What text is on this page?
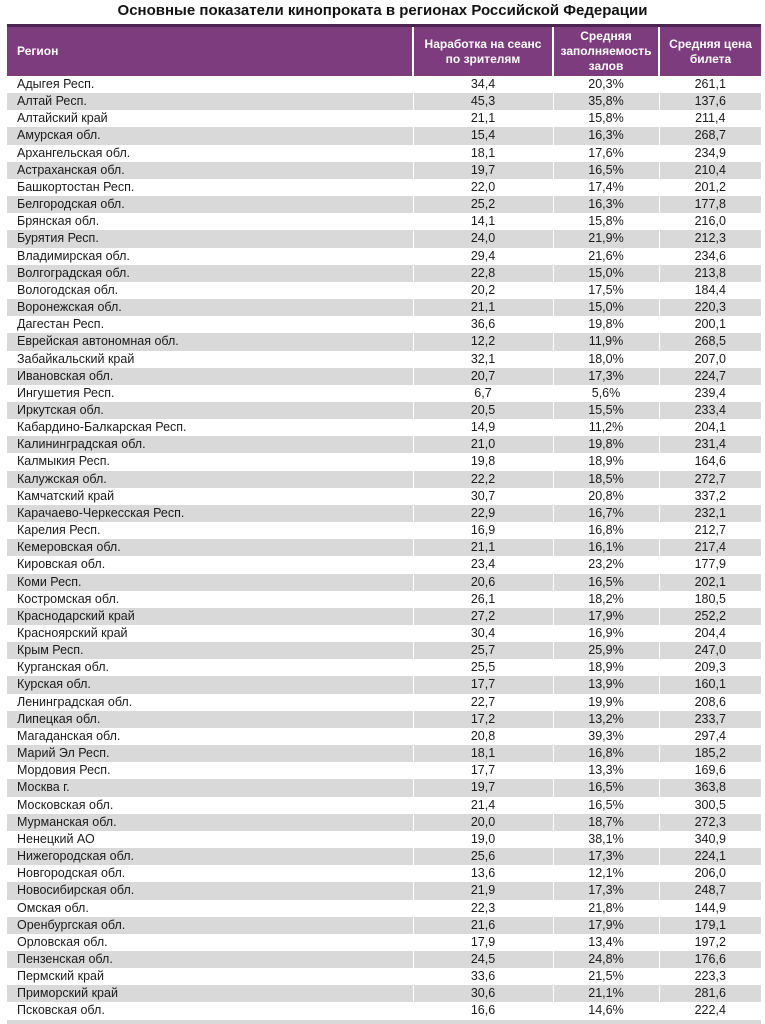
Основные показатели кинопроката в регионах Российской Федерации
Регион	Наработка на сеанс по зрителям	Средняя заполняемость залов	Средняя цена билета
Адыгея Респ.	34,4	20,3%	261,1
Алтай Респ.	45,3	35,8%	137,6
Алтайский край	21,1	15,8%	211,4
Амурская обл.	15,4	16,3%	268,7
Архангельская обл.	18,1	17,6%	234,9
Астраханская обл.	19,7	16,5%	210,4
Башкортостан Респ.	22,0	17,4%	201,2
Белгородская обл.	25,2	16,3%	177,8
Брянская обл.	14,1	15,8%	216,0
Бурятия Респ.	24,0	21,9%	212,3
Владимирская обл.	29,4	21,6%	234,6
Волгоградская обл.	22,8	15,0%	213,8
Вологодская обл.	20,2	17,5%	184,4
Воронежская обл.	21,1	15,0%	220,3
Дагестан Респ.	36,6	19,8%	200,1
Еврейская автономная обл.	12,2	11,9%	268,5
Забайкальский край	32,1	18,0%	207,0
Ивановская обл.	20,7	17,3%	224,7
Ингушетия Респ.	6,7	5,6%	239,4
Иркутская обл.	20,5	15,5%	233,4
Кабардино-Балкарская Респ.	14,9	11,2%	204,1
Калининградская обл.	21,0	19,8%	231,4
Калмыкия Респ.	19,8	18,9%	164,6
Калужская обл.	22,2	18,5%	272,7
Камчатский край	30,7	20,8%	337,2
Карачаево-Черкесская Респ.	22,9	16,7%	232,1
Карелия Респ.	16,9	16,8%	212,7
Кемеровская обл.	21,1	16,1%	217,4
Кировская обл.	23,4	23,2%	177,9
Коми Респ.	20,6	16,5%	202,1
Костромская обл.	26,1	18,2%	180,5
Краснодарский край	27,2	17,9%	252,2
Красноярский край	30,4	16,9%	204,4
Крым Респ.	25,7	25,9%	247,0
Курганская обл.	25,5	18,9%	209,3
Курская обл.	17,7	13,9%	160,1
Ленинградская обл.	22,7	19,9%	208,6
Липецкая обл.	17,2	13,2%	233,7
Магаданская обл.	20,8	39,3%	297,4
Марий Эл Респ.	18,1	16,8%	185,2
Мордовия Респ.	17,7	13,3%	169,6
Москва г.	19,7	16,5%	363,8
Московская обл.	21,4	16,5%	300,5
Мурманская обл.	20,0	18,7%	272,3
Ненецкий АО	19,0	38,1%	340,9
Нижегородская обл.	25,6	17,3%	224,1
Новгородская обл.	13,6	12,1%	206,0
Новосибирская обл.	21,9	17,3%	248,7
Омская обл.	22,3	21,8%	144,9
Оренбургская обл.	21,6	17,9%	179,1
Орловская обл.	17,9	13,4%	197,2
Пензенская обл.	24,5	24,8%	176,6
Пермский край	33,6	21,5%	223,3
Приморский край	30,6	21,1%	281,6
Псковская обл.	16,6	14,6%	222,4
